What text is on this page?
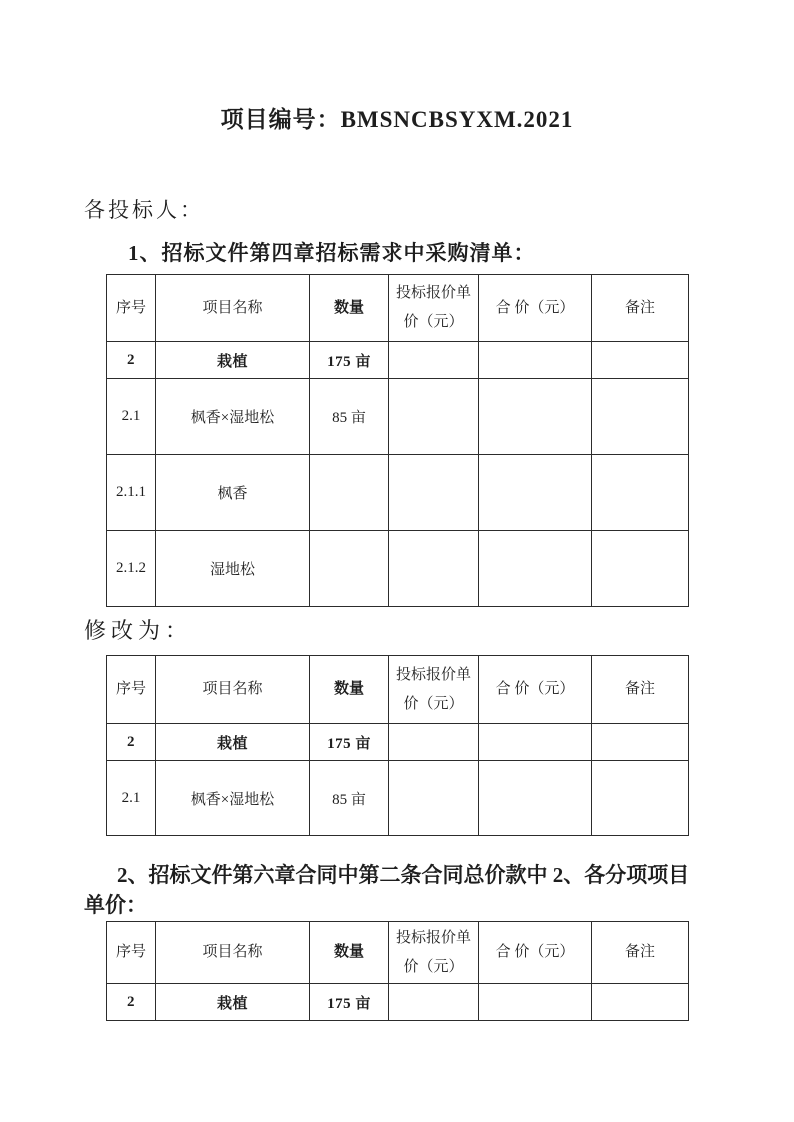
项目编号：BMSNCBSYXM.2021
各投标人：
1、招标文件第四章招标需求中采购清单：
序号	项目名称	数量	投标报价单价（元）	合 价（元）	备注
2	栽植	175 亩			
2.1	枫香×湿地松	85 亩			
2.1.1	枫香				
2.1.2	湿地松				
修改为：
序号	项目名称	数量	投标报价单价（元）	合 价（元）	备注
2	栽植	175 亩			
2.1	枫香×湿地松	85 亩			
2、招标文件第六章合同中第二条合同总价款中 2、各分项项目单价：
序号	项目名称	数量	投标报价单价（元）	合 价（元）	备注
2	栽植	175 亩			
